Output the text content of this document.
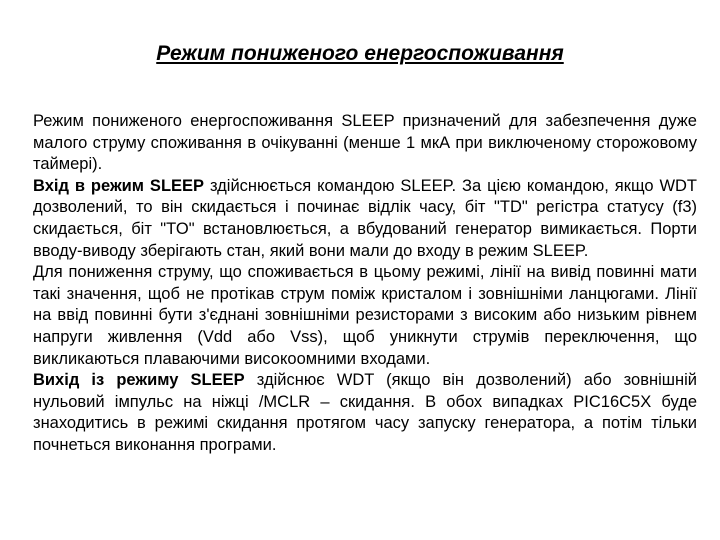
Режим пониженого енергоспоживання

Режим пониженого енергоспоживання SLEEP призначений для забезпечення дуже малого струму споживання в очікуванні (менше 1 мкА при виключеному сторожовому таймері).

Вхід в режим SLEEP здійснюється командою SLEEP. За цією командою, якщо WDT дозволений, то він скидається і починає відлік часу, біт "TD" регістра статусу (f3) скидається, біт "TO" встановлюється, а вбудований генератор вимикається. Порти вводу-виводу зберігають стан, який вони мали до входу в режим SLEEP.

Для пониження струму, що споживається в цьому режимі, лінії на вивід повинні мати такі значення, щоб не протікав струм поміж кристалом і зовнішніми ланцюгами. Лінії на ввід повинні бути з'єднані зовнішніми резисторами з високим або низьким рівнем напруги живлення (Vdd або Vss), щоб уникнути струмів переключення, що викликаються плаваючими високоомними входами.

Вихід із режиму SLEEP здійснює WDT (якщо він дозволений) або зовнішній нульовий імпульс на ніжці /MCLR – скидання. В обох випадках PIC16C5X буде знаходитись в режимі скидання протягом часу запуску генератора, а потім тільки почнеться виконання програми.
